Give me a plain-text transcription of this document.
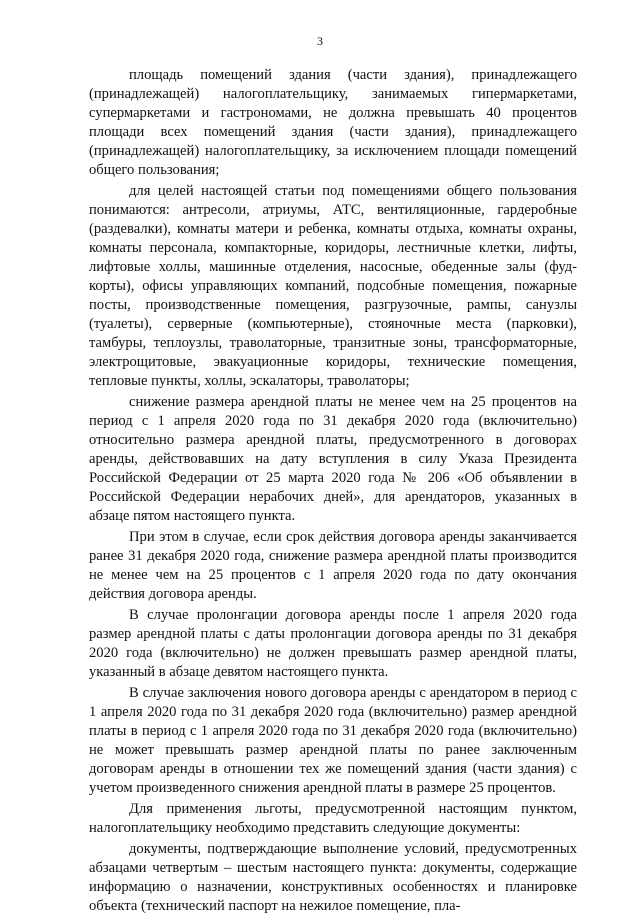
3

площадь помещений здания (части здания), принадлежащего (принадлежащей) налогоплательщику, занимаемых гипермаркетами, супермаркетами и гастрономами, не должна превышать 40 процентов площади всех помещений здания (части здания), принадлежащего (принадлежащей) налогоплательщику, за исключением площади помещений общего пользования;

для целей настоящей статьи под помещениями общего пользования понимаются: антресоли, атриумы, АТС, вентиляционные, гардеробные (раздевалки), комнаты матери и ребенка, комнаты отдыха, комнаты охраны, комнаты персонала, компакторные, коридоры, лестничные клетки, лифты, лифтовые холлы, машинные отделения, насосные, обеденные залы (фуд-корты), офисы управляющих компаний, подсобные помещения, пожарные посты, производственные помещения, разгрузочные, рампы, санузлы (туалеты), серверные (компьютерные), стояночные места (парковки), тамбуры, теплоузлы, траволаторные, транзитные зоны, трансформаторные, электрощитовые, эвакуационные коридоры, технические помещения, тепловые пункты, холлы, эскалаторы, траволаторы;

снижение размера арендной платы не менее чем на 25 процентов на период с 1 апреля 2020 года по 31 декабря 2020 года (включительно) относительно размера арендной платы, предусмотренного в договорах аренды, действовавших на дату вступления в силу Указа Президента Российской Федерации от 25 марта 2020 года № 206 «Об объявлении в Российской Федерации нерабочих дней», для арендаторов, указанных в абзаце пятом настоящего пункта.

При этом в случае, если срок действия договора аренды заканчивается ранее 31 декабря 2020 года, снижение размера арендной платы производится не менее чем на 25 процентов с 1 апреля 2020 года по дату окончания действия договора аренды.

В случае пролонгации договора аренды после 1 апреля 2020 года размер арендной платы с даты пролонгации договора аренды по 31 декабря 2020 года (включительно) не должен превышать размер арендной платы, указанный в абзаце девятом настоящего пункта.

В случае заключения нового договора аренды с арендатором в период с 1 апреля 2020 года по 31 декабря 2020 года (включительно) размер арендной платы в период с 1 апреля 2020 года по 31 декабря 2020 года (включительно) не может превышать размер арендной платы по ранее заключенным договорам аренды в отношении тех же помещений здания (части здания) с учетом произведенного снижения арендной платы в размере 25 процентов.

Для применения льготы, предусмотренной настоящим пунктом, налогоплательщику необходимо представить следующие документы:

документы, подтверждающие выполнение условий, предусмотренных абзацами четвертым – шестым настоящего пункта: документы, содержащие информацию о назначении, конструктивных особенностях и планировке объекта (технический паспорт на нежилое помещение, пла-
